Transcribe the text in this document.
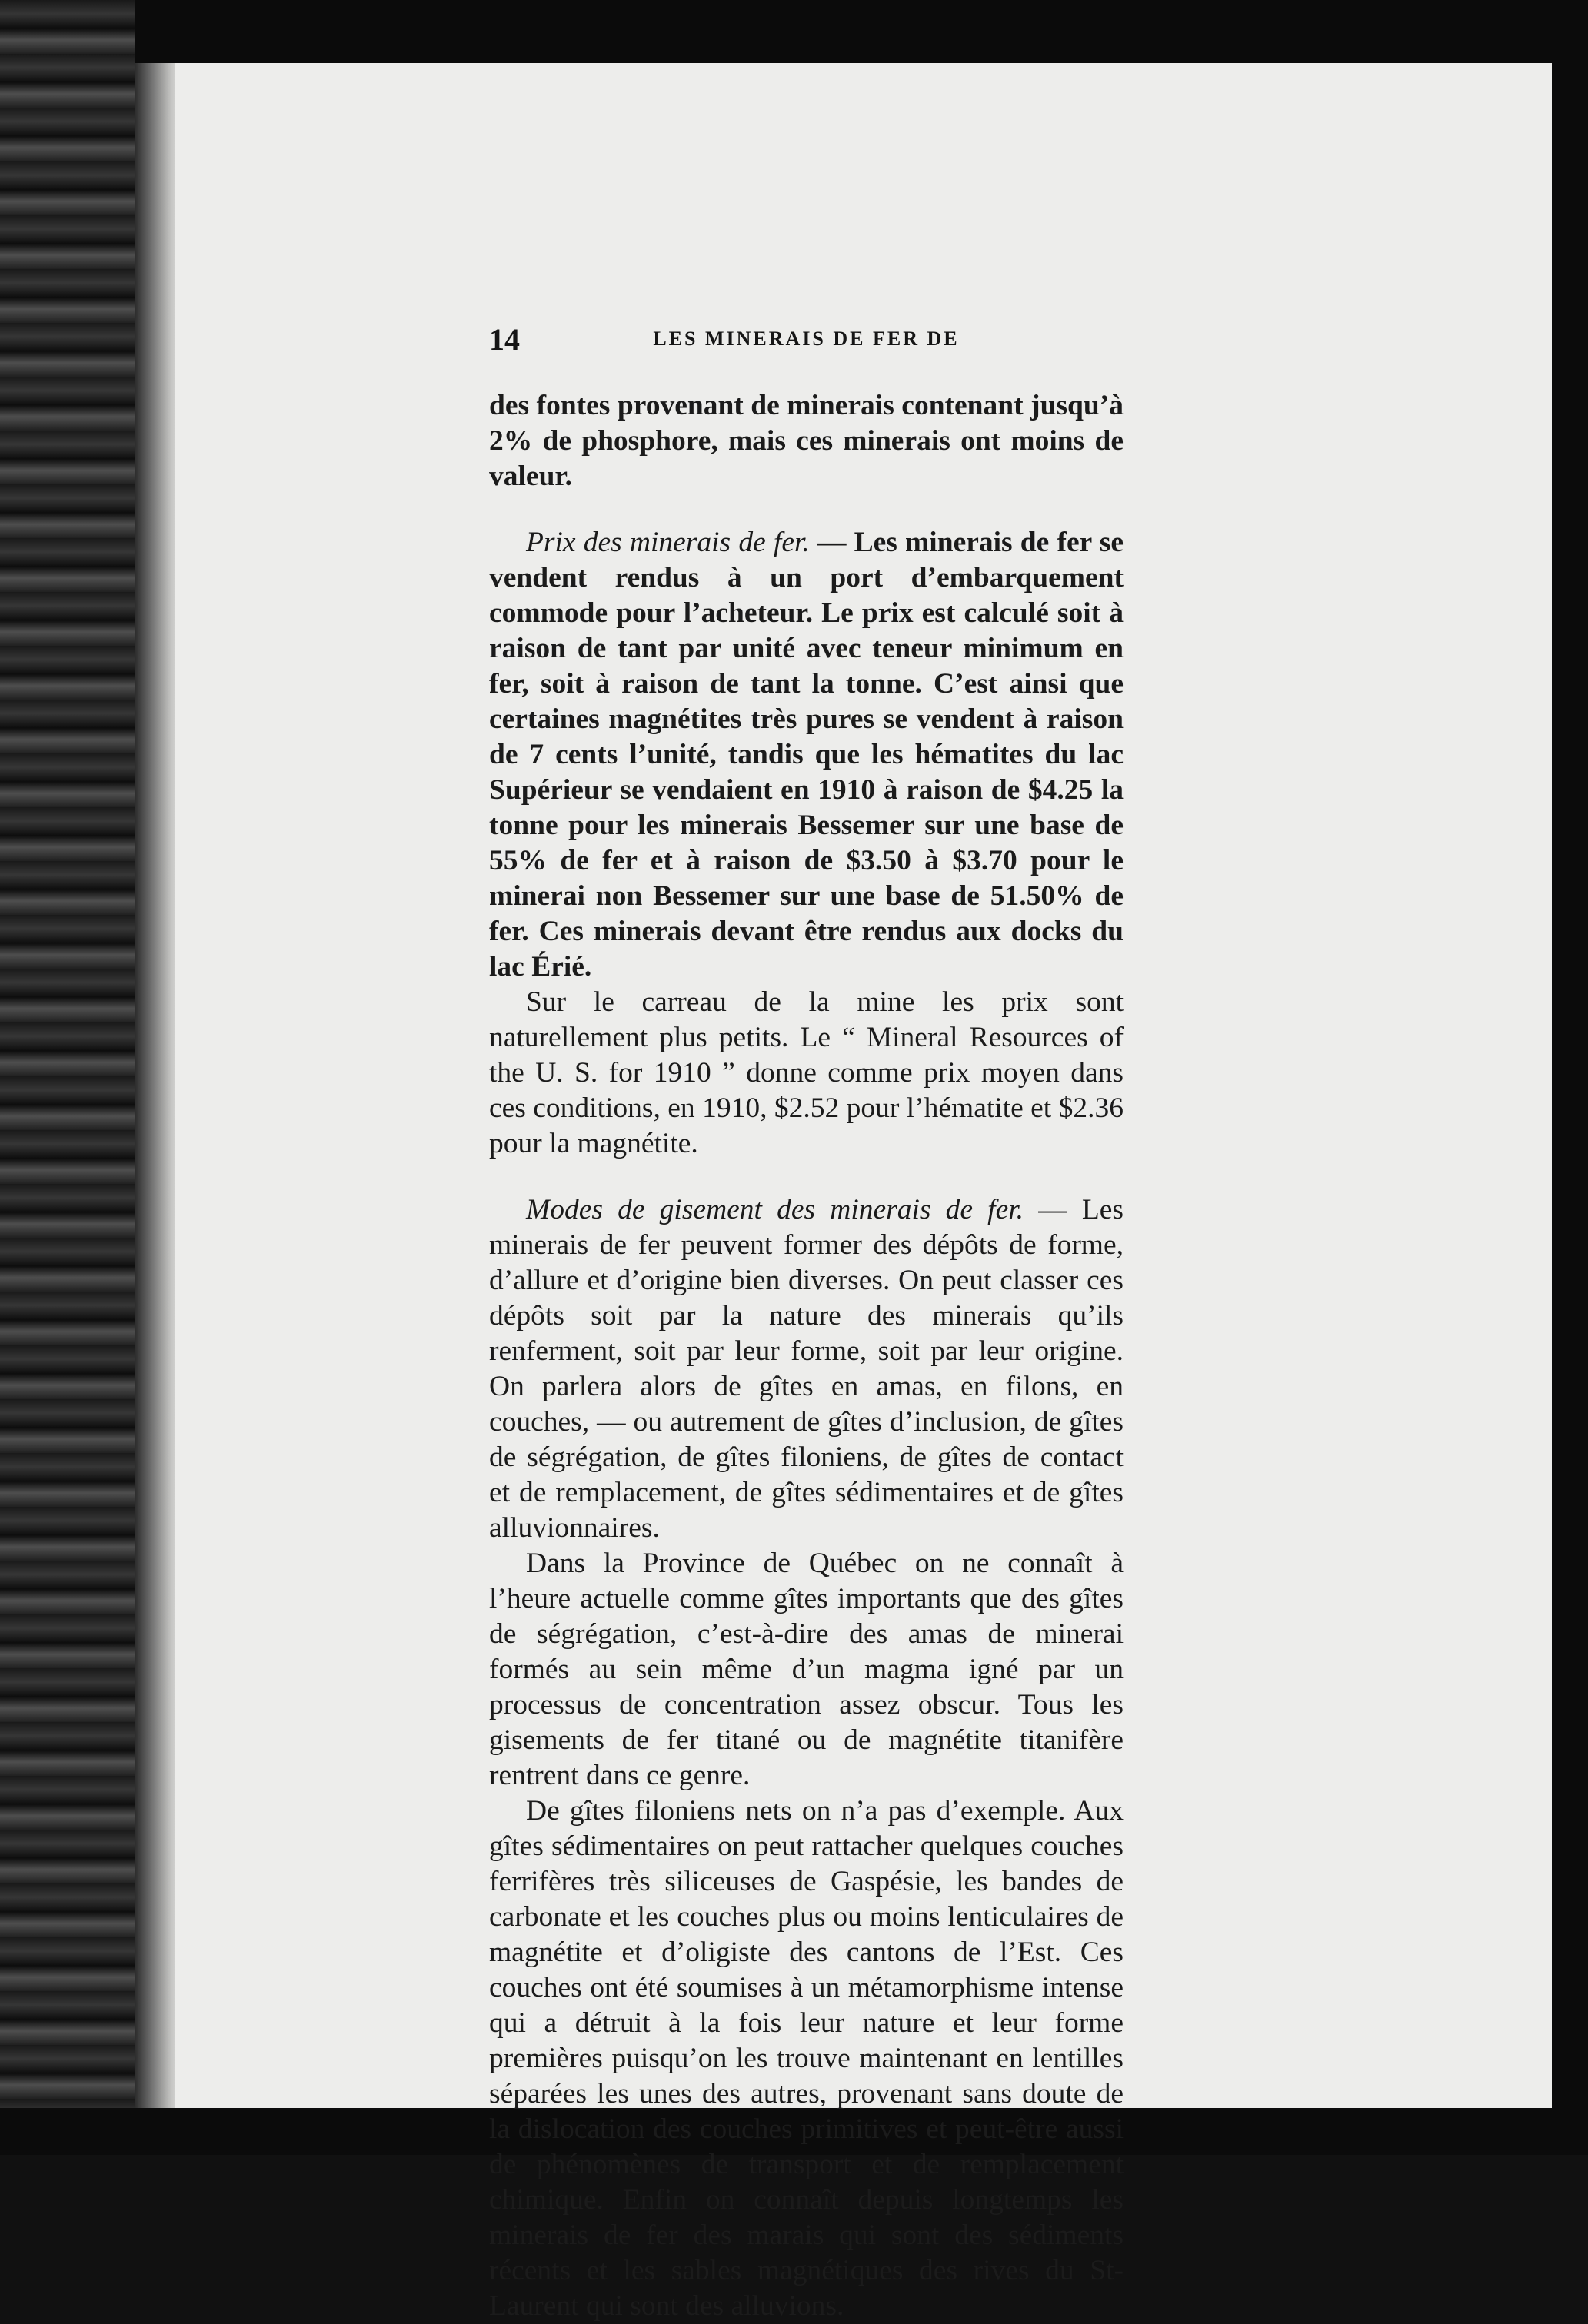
14	LES MINERAIS DE FER DE

des fontes provenant de minerais contenant jusqu’à 2% de phosphore, mais ces minerais ont moins de valeur.

Prix des minerais de fer. — Les minerais de fer se vendent rendus à un port d’embarquement commode pour l’acheteur. Le prix est calculé soit à raison de tant par unité avec teneur minimum en fer, soit à raison de tant la tonne. C’est ainsi que certaines magnétites très pures se vendent à raison de 7 cents l’unité, tandis que les hématites du lac Supérieur se vendaient en 1910 à raison de $4.25 la tonne pour les minerais Bessemer sur une base de 55% de fer et à raison de $3.50 à $3.70 pour le minerai non Bessemer sur une base de 51.50% de fer. Ces minerais devant être rendus aux docks du lac Érié.

Sur le carreau de la mine les prix sont naturellement plus petits. Le “ Mineral Resources of the U. S. for 1910 ” donne comme prix moyen dans ces conditions, en 1910, $2.52 pour l’hématite et $2.36 pour la magnétite.

Modes de gisement des minerais de fer. — Les minerais de fer peuvent former des dépôts de forme, d’allure et d’origine bien diverses. On peut classer ces dépôts soit par la nature des minerais qu’ils renferment, soit par leur forme, soit par leur origine. On parlera alors de gîtes en amas, en filons, en couches, — ou autrement de gîtes d’inclusion, de gîtes de ségrégation, de gîtes filoniens, de gîtes de contact et de remplacement, de gîtes sédimentaires et de gîtes alluvionnaires.

Dans la Province de Québec on ne connaît à l’heure actuelle comme gîtes importants que des gîtes de ségrégation, c’est-à-dire des amas de minerai formés au sein même d’un magma igné par un processus de concentration assez obscur. Tous les gisements de fer titané ou de magnétite titanifère rentrent dans ce genre.

De gîtes filoniens nets on n’a pas d’exemple. Aux gîtes sédimentaires on peut rattacher quelques couches ferrifères très siliceuses de Gaspésie, les bandes de carbonate et les couches plus ou moins lenticulaires de magnétite et d’oligiste des cantons de l’Est. Ces couches ont été soumises à un métamorphisme intense qui a détruit à la fois leur nature et leur forme premières puisqu’on les trouve maintenant en lentilles séparées les unes des autres, provenant sans doute de la dislocation des couches primitives et peut-être aussi de phénomènes de transport et de remplacement chimique. Enfin on connaît depuis longtemps les minerais de fer des marais qui sont des sédiments récents et les sables magnétiques des rives du St-Laurent qui sont des alluvions.
